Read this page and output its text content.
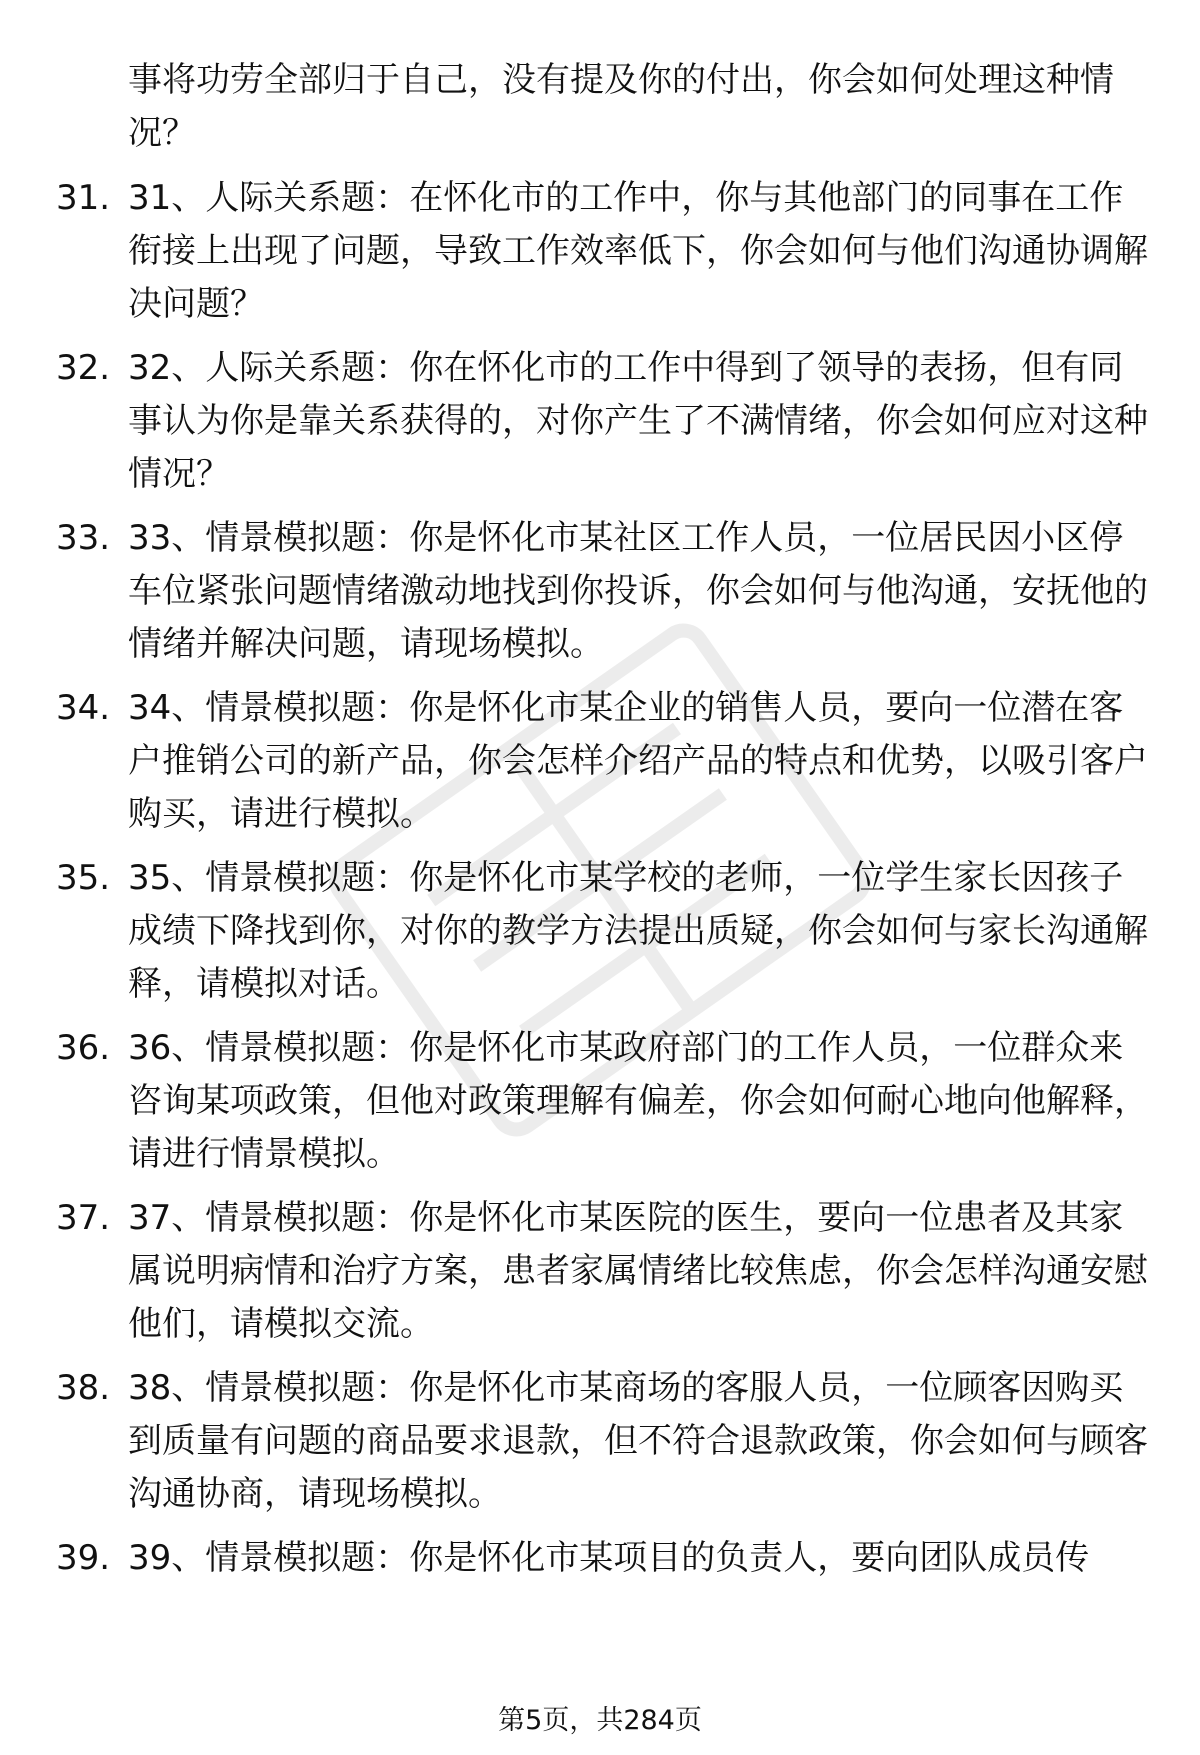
事将功劳全部归于自己，没有提及你的付出，你会如何处理这种情况？
31. 31、人际关系题：在怀化市的工作中，你与其他部门的同事在工作衔接上出现了问题，导致工作效率低下，你会如何与他们沟通协调解决问题？
32. 32、人际关系题：你在怀化市的工作中得到了领导的表扬，但有同事认为你是靠关系获得的，对你产生了不满情绪，你会如何应对这种情况？
33. 33、情景模拟题：你是怀化市某社区工作人员，一位居民因小区停车位紧张问题情绪激动地找到你投诉，你会如何与他沟通，安抚他的情绪并解决问题，请现场模拟。
34. 34、情景模拟题：你是怀化市某企业的销售人员，要向一位潜在客户推销公司的新产品，你会怎样介绍产品的特点和优势，以吸引客户购买，请进行模拟。
35. 35、情景模拟题：你是怀化市某学校的老师，一位学生家长因孩子成绩下降找到你，对你的教学方法提出质疑，你会如何与家长沟通解释，请模拟对话。
36. 36、情景模拟题：你是怀化市某政府部门的工作人员，一位群众来咨询某项政策，但他对政策理解有偏差，你会如何耐心地向他解释，请进行情景模拟。
37. 37、情景模拟题：你是怀化市某医院的医生，要向一位患者及其家属说明病情和治疗方案，患者家属情绪比较焦虑，你会怎样沟通安慰他们，请模拟交流。
38. 38、情景模拟题：你是怀化市某商场的客服人员，一位顾客因购买到质量有问题的商品要求退款，但不符合退款政策，你会如何与顾客沟通协商，请现场模拟。
39. 39、情景模拟题：你是怀化市某项目的负责人，要向团队成员传
第5页，共284页
